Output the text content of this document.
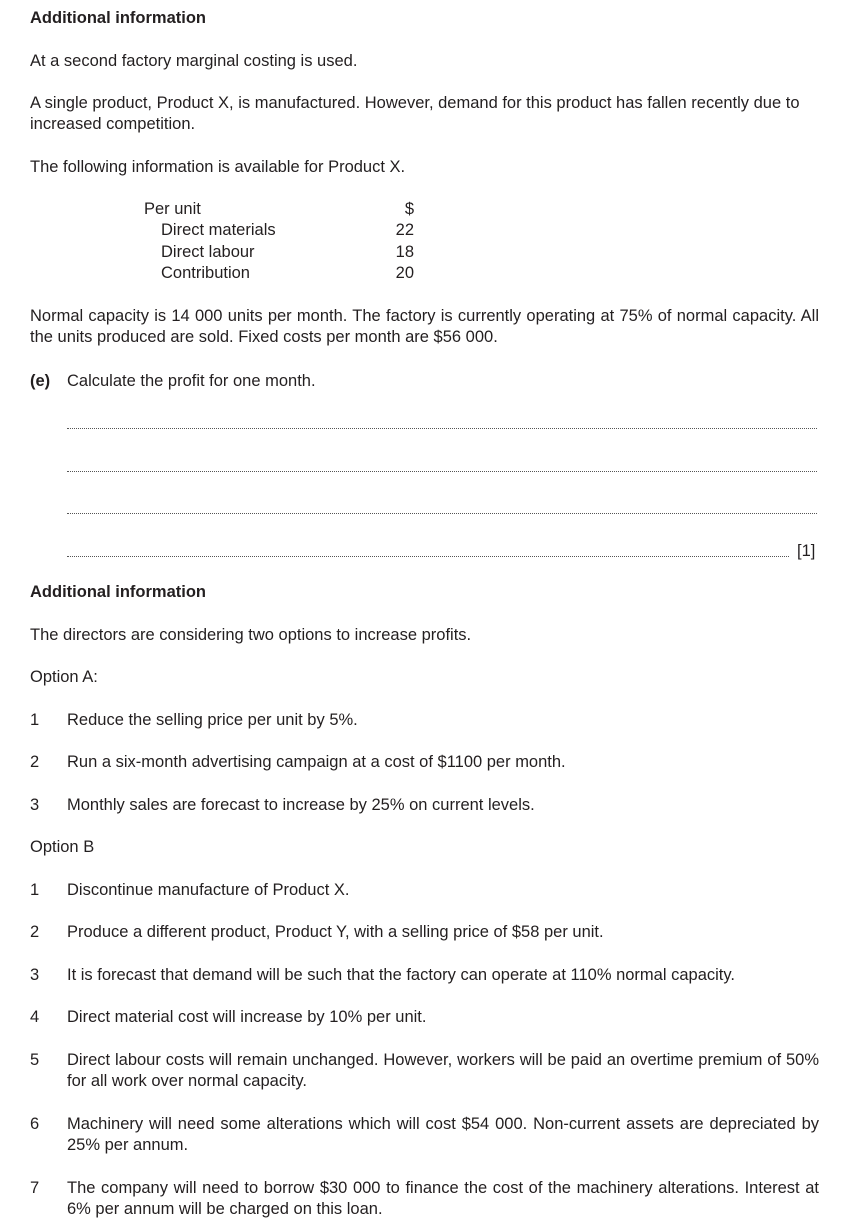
Additional information

At a second factory marginal costing is used.

A single product, Product X, is manufactured. However, demand for this product has fallen recently due to increased competition.

The following information is available for Product X.

Per unit	$
Direct materials	22
Direct labour	18
Contribution	20

Normal capacity is 14 000 units per month. The factory is currently operating at 75% of normal capacity. All the units produced are sold. Fixed costs per month are $56 000.

(e) Calculate the profit for one month.
[1]

Additional information

The directors are considering two options to increase profits.

Option A:

1 Reduce the selling price per unit by 5%.

2 Run a six-month advertising campaign at a cost of $1100 per month.

3 Monthly sales are forecast to increase by 25% on current levels.

Option B

1 Discontinue manufacture of Product X.

2 Produce a different product, Product Y, with a selling price of $58 per unit.

3 It is forecast that demand will be such that the factory can operate at 110% normal capacity.

4 Direct material cost will increase by 10% per unit.

5 Direct labour costs will remain unchanged. However, workers will be paid an overtime premium of 50% for all work over normal capacity.

6 Machinery will need some alterations which will cost $54 000. Non-current assets are depreciated by 25% per annum.

7 The company will need to borrow $30 000 to finance the cost of the machinery alterations. Interest at 6% per annum will be charged on this loan.
